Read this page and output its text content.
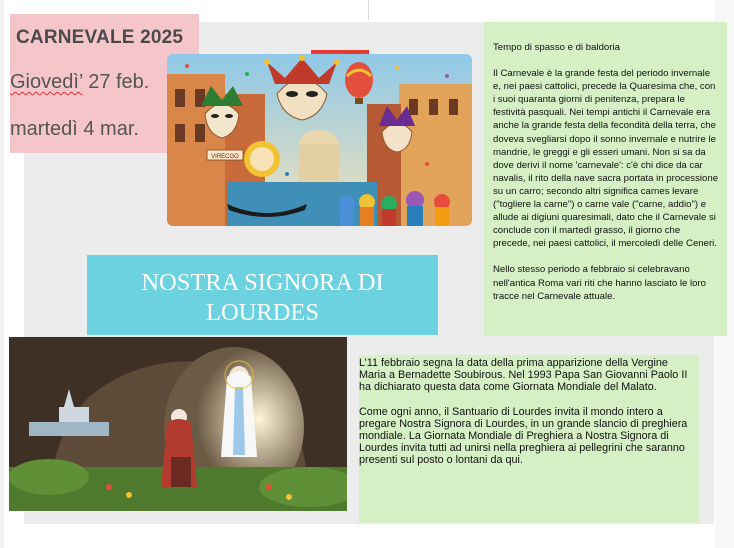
CARNEVALE 2025
Giovedì’ 27 feb.
martedì 4 mar.
VIRECGO

Tempo di spasso e di baldoria

Il Carnevale è la grande festa del periodo invernale e, nei paesi cattolici, precede la Quaresima che, con i suoi quaranta giorni di penitenza, prepara le festività pasquali. Nei tempi antichi il Carnevale era anche la grande festa della fecondità della terra, che doveva svegliarsi dopo il sonno invernale e nutrire le mandrie, le greggi e gli esseri umani. Non si sa da dove derivi il nome 'carnevale': c'è chi dice da car navalis, il rito della nave sacra portata in processione su un carro; secondo altri significa carnes levare ("togliere la carne") o carne vale ("carne, addio") e allude ai digiuni quaresimali, dato che il Carnevale si conclude con il martedì grasso, il giorno che precede, nei paesi cattolici, il mercoledì delle Ceneri.

Nello stesso periodo a febbraio si celebravano nell'antica Roma vari riti che hanno lasciato le loro tracce nel Carnevale attuale.

NOSTRA SIGNORA DI LOURDES

L’11 febbraio segna la data della prima apparizione della Vergine Maria a Bernadette Soubirous. Nel 1993 Papa San Giovanni Paolo II ha dichiarato questa data come Giornata Mondiale del Malato.

Come ogni anno, il Santuario di Lourdes invita il mondo intero a pregare Nostra Signora di Lourdes, in un grande slancio di preghiera mondiale. La Giornata Mondiale di Preghiera a Nostra Signora di Lourdes invita tutti ad unirsi nella preghiera ai pellegrini che saranno presenti sul posto o lontani da qui.
